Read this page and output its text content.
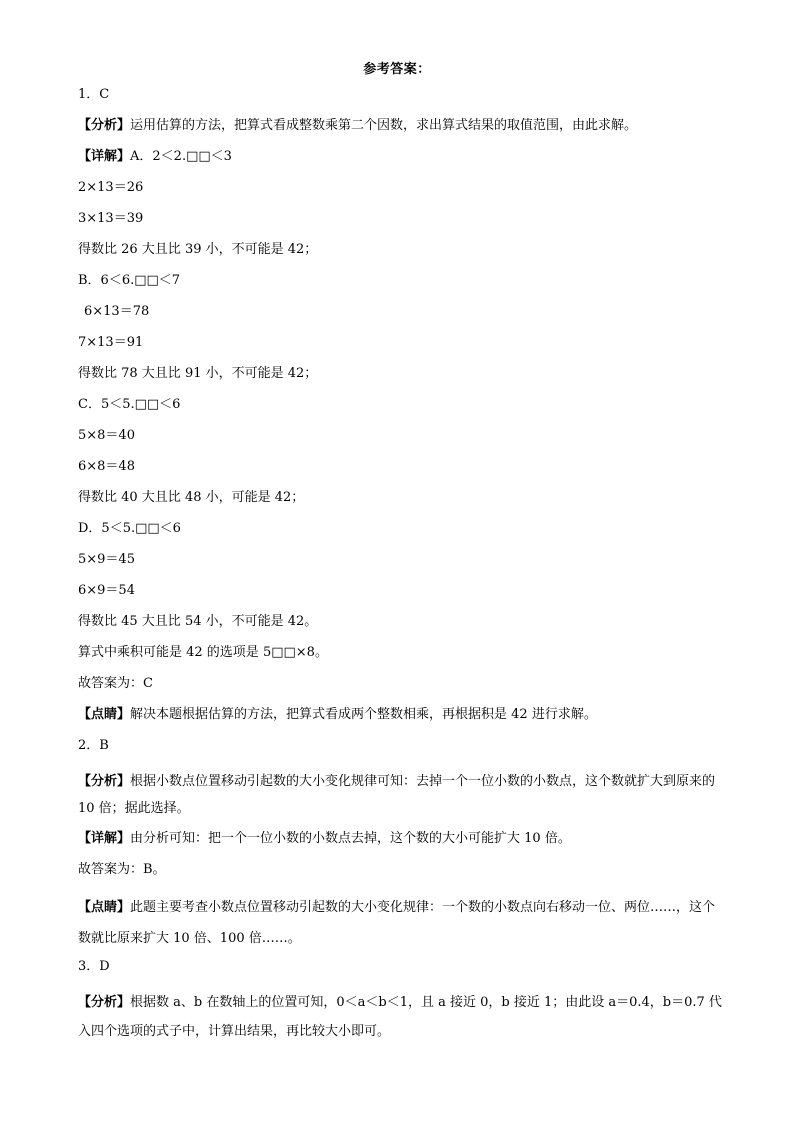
参考答案：
1．C
【分析】运用估算的方法，把算式看成整数乘第二个因数，求出算式结果的取值范围，由此求解。
【详解】A．2＜2.□□＜3
2×13＝26
3×13＝39
得数比 26 大且比 39 小，不可能是 42；
B．6＜6.□□＜7
6×13＝78
7×13＝91
得数比 78 大且比 91 小，不可能是 42；
C．5＜5.□□＜6
5×8＝40
6×8＝48
得数比 40 大且比 48 小，可能是 42；
D．5＜5.□□＜6
5×9＝45
6×9＝54
得数比 45 大且比 54 小，不可能是 42。
算式中乘积可能是 42 的选项是 5□□×8。
故答案为：C
【点睛】解决本题根据估算的方法，把算式看成两个整数相乘，再根据积是 42 进行求解。
2．B
【分析】根据小数点位置移动引起数的大小变化规律可知：去掉一个一位小数的小数点，这个数就扩大到原来的 10 倍；据此选择。
【详解】由分析可知：把一个一位小数的小数点去掉，这个数的大小可能扩大 10 倍。
故答案为：B。
【点睛】此题主要考查小数点位置移动引起数的大小变化规律：一个数的小数点向右移动一位、两位……，这个数就比原来扩大 10 倍、100 倍……。
3．D
【分析】根据数 a、b 在数轴上的位置可知，0＜a＜b＜1，且 a 接近 0，b 接近 1；由此设 a＝0.4，b＝0.7 代入四个选项的式子中，计算出结果，再比较大小即可。
